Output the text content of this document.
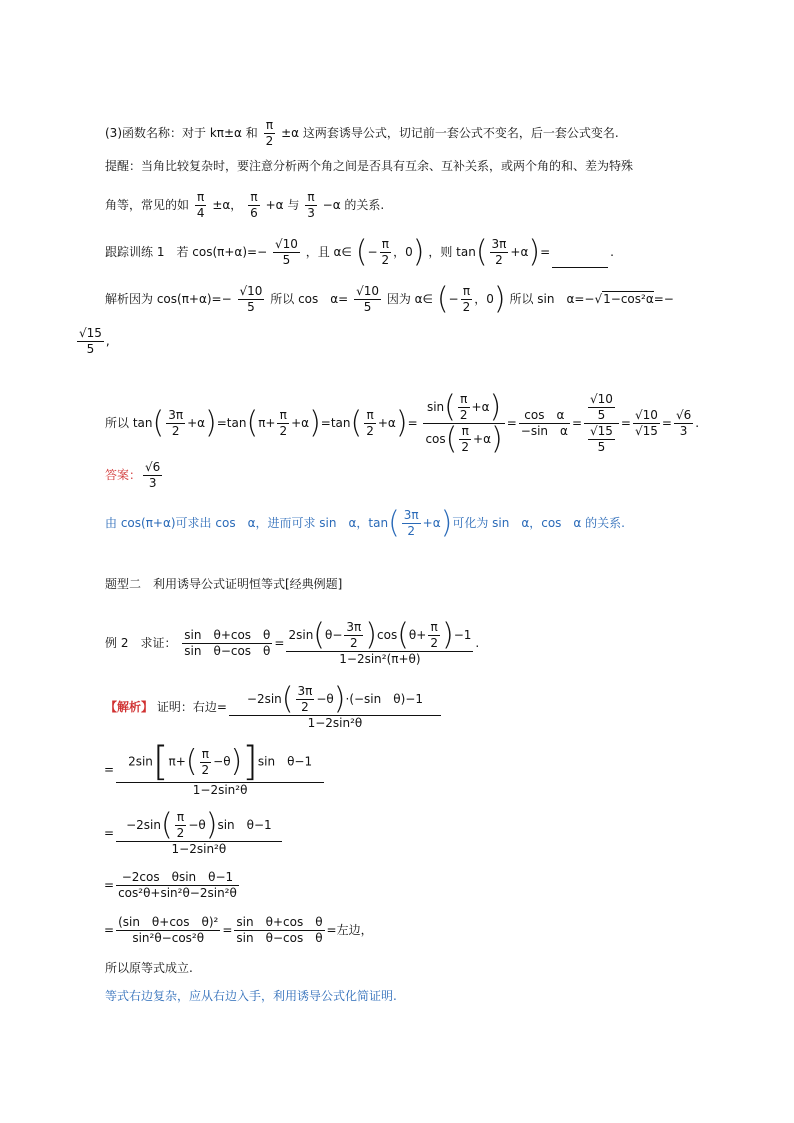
(3)函数名称：对于 kπ±α 和 $\frac{\pi}{2} \pm\alpha$ 这两套诱导公式，切记前一套公式不变名，后一套公式变名.
提醒：当角比较复杂时，要注意分析两个角之间是否具有互余、互补关系，或两个角的和、差为特殊
角等，常见的如 $\frac{\pi}{4} \pm\alpha$， $\frac{\pi}{6} +\alpha$ 与 $\frac{\pi}{3} -\alpha$ 的关系.
跟踪训练 1　若 $\cos(\pi+\alpha)=- \frac{√10}{5}$ ，且 α∈ (− $\frac{\pi}{2}$ ，0) ，则 $\tan( \frac{3\pi}{2} +\alpha)=$	.
解析因为 $\cos(\pi+\alpha)=- \frac{√10}{5}$ 所以 cos　$\alpha= \frac{√10}{5}$ 因为 α∈ (− $\frac{\pi}{2}$ ，0) 所以 sin　α=−√1−cos²α=−
$\frac{√15}{5}$ ,
所以 $\tan( \frac{3\pi}{2} +\alpha)=\tan(\pi+ \frac{\pi}{2} +\alpha)=\tan( \frac{\pi}{2} +\alpha)= \frac{\sin( \frac{\pi}{2} +\alpha)}{\cos( \frac{\pi}{2} +\alpha)} = \frac{\text{cos　α}}{\text{−sin　α}} = \frac{\frac{√10}{5}}{\frac{√15}{5}} = \frac{√10}{√15} = \frac{√6}{3}$ .
答案： $\frac{√6}{3}$
由 cos(π+α)可求出 cos　α，进而可求 sin　α，$\tan( \frac{3\pi}{2} +\alpha)$可化为 sin　α，cos　α 的关系.
题型二　利用诱导公式证明恒等式[经典例题]
例 2　求证： $\frac{\text{sin　θ+cos　θ}}{\text{sin　θ−cos　θ}} = \frac{2\sin(\theta- \frac{3\pi}{2} )\cos(\theta+ \frac{\pi}{2} )-1}{\text{1−2sin²(π+θ)}}$ .
【解析】 证明：右边= $\frac{-2\sin( \frac{3\pi}{2} -\theta)\cdot(-\sin \theta)-1}{\text{1−2sin²θ}}$
= $\frac{2\sin[\pi+( \frac{\pi}{2} -\theta)]\sin \theta-1}{\text{1−2sin²θ}}$
= $\frac{-2\sin( \frac{\pi}{2} -\theta)\sin \theta-1}{\text{1−2sin²θ}}$
= $\frac{\text{−2cos　θsin　θ−1}}{\text{cos²θ+sin²θ−2sin²θ}}$
= $\frac{\text{(sin　θ+cos　θ)²}}{\text{sin²θ−cos²θ}} = \frac{\text{sin　θ+cos　θ}}{\text{sin　θ−cos　θ}}$ =左边，
所以原等式成立.
等式右边复杂，应从右边入手，利用诱导公式化简证明.
